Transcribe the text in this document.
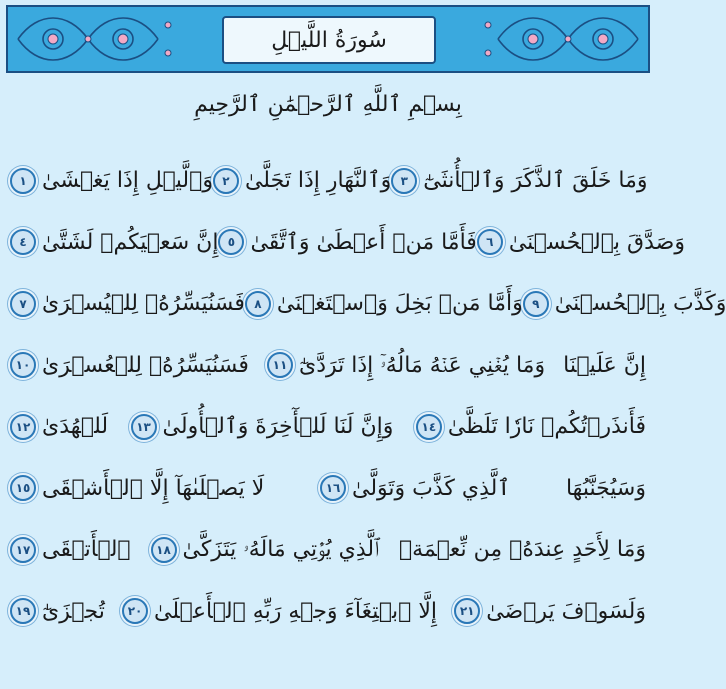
سُورَةُ اللَّيۡلِ
بِسۡمِ ٱللَّهِ ٱلرَّحۡمَٰنِ ٱلرَّحِيمِ
وَٱلَّيۡلِ إِذَا يَغۡشَىٰ
١	وَٱلنَّهَارِ إِذَا تَجَلَّىٰ
٢	وَمَا خَلَقَ ٱلذَّكَرَ وَٱلۡأُنثَىٰٓ
٣
إِنَّ سَعۡيَكُمۡ لَشَتَّىٰ
٤	فَأَمَّا مَنۡ أَعۡطَىٰ وَٱتَّقَىٰ
٥	وَصَدَّقَ بِٱلۡحُسۡنَىٰ
٦
فَسَنُيَسِّرُهُۥ لِلۡيُسۡرَىٰ
٧	وَأَمَّا مَنۢ بَخِلَ وَٱسۡتَغۡنَىٰ
٨	وَكَذَّبَ بِٱلۡحُسۡنَىٰ
٩
فَسَنُيَسِّرُهُۥ لِلۡعُسۡرَىٰ
١٠	وَمَا يُغۡنِي عَنۡهُ مَالُهُۥٓ إِذَا تَرَدَّىٰٓ
١١	إِنَّ عَلَيۡنَا
لَلۡهُدَىٰ
١٢	وَإِنَّ لَنَا لَلۡأٓخِرَةَ وَٱلۡأُولَىٰ
١٣	فَأَنذَرۡتُكُمۡ نَارٗا تَلَظَّىٰ
١٤
لَا يَصۡلَىٰهَآ إِلَّا ٱلۡأَشۡقَى
١٥	ٱلَّذِي كَذَّبَ وَتَوَلَّىٰ
١٦	وَسَيُجَنَّبُهَا
ٱلۡأَتۡقَى
١٧	ٱلَّذِي يُؤۡتِي مَالَهُۥ يَتَزَكَّىٰ
١٨	وَمَا لِأَحَدٍ عِندَهُۥ مِن نِّعۡمَةٖ
تُجۡزَىٰٓ
١٩	إِلَّا ٱبۡتِغَآءَ وَجۡهِ رَبِّهِ ٱلۡأَعۡلَىٰ
٢٠	وَلَسَوۡفَ يَرۡضَىٰ
٢١
